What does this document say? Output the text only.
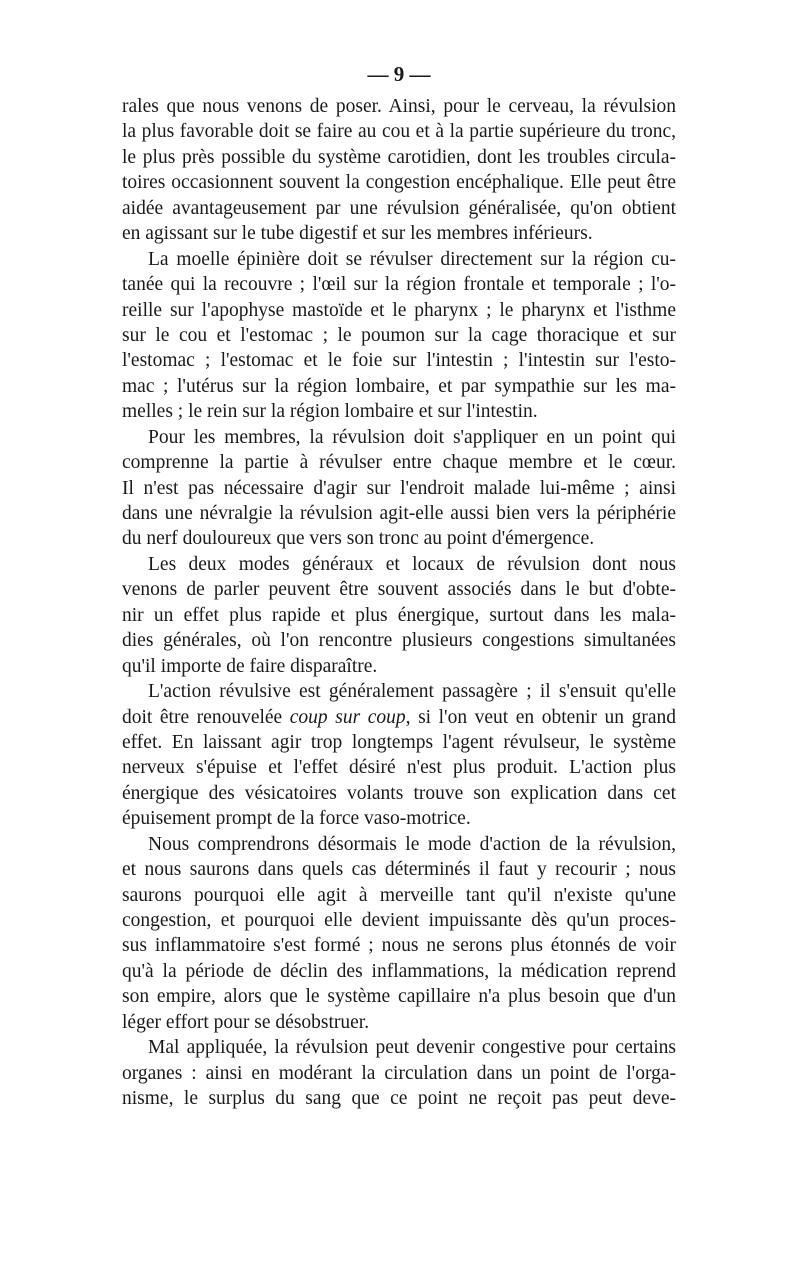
— 9 —
rales que nous venons de poser. Ainsi, pour le cerveau, la révulsion
la plus favorable doit se faire au cou et à la partie supérieure du tronc,
le plus près possible du système carotidien, dont les troubles circula-
toires occasionnent souvent la congestion encéphalique. Elle peut être
aidée avantageusement par une révulsion généralisée, qu'on obtient
en agissant sur le tube digestif et sur les membres inférieurs.
La moelle épinière doit se révulser directement sur la région cu-
tanée qui la recouvre ; l'œil sur la région frontale et temporale ; l'o-
reille sur l'apophyse mastoïde et le pharynx ; le pharynx et l'isthme
sur le cou et l'estomac ; le poumon sur la cage thoracique et sur
l'estomac ; l'estomac et le foie sur l'intestin ; l'intestin sur l'esto-
mac ; l'utérus sur la région lombaire, et par sympathie sur les ma-
melles ; le rein sur la région lombaire et sur l'intestin.
Pour les membres, la révulsion doit s'appliquer en un point qui
comprenne la partie à révulser entre chaque membre et le cœur.
Il n'est pas nécessaire d'agir sur l'endroit malade lui-même ; ainsi
dans une névralgie la révulsion agit-elle aussi bien vers la périphérie
du nerf douloureux que vers son tronc au point d'émergence.
Les deux modes généraux et locaux de révulsion dont nous
venons de parler peuvent être souvent associés dans le but d'obte-
nir un effet plus rapide et plus énergique, surtout dans les mala-
dies générales, où l'on rencontre plusieurs congestions simultanées
qu'il importe de faire disparaître.
L'action révulsive est généralement passagère ; il s'ensuit qu'elle
doit être renouvelée coup sur coup, si l'on veut en obtenir un grand
effet. En laissant agir trop longtemps l'agent révulseur, le système
nerveux s'épuise et l'effet désiré n'est plus produit. L'action plus
énergique des vésicatoires volants trouve son explication dans cet
épuisement prompt de la force vaso-motrice.
Nous comprendrons désormais le mode d'action de la révulsion,
et nous saurons dans quels cas déterminés il faut y recourir ; nous
saurons pourquoi elle agit à merveille tant qu'il n'existe qu'une
congestion, et pourquoi elle devient impuissante dès qu'un proces-
sus inflammatoire s'est formé ; nous ne serons plus étonnés de voir
qu'à la période de déclin des inflammations, la médication reprend
son empire, alors que le système capillaire n'a plus besoin que d'un
léger effort pour se désobstruer.
Mal appliquée, la révulsion peut devenir congestive pour certains
organes : ainsi en modérant la circulation dans un point de l'orga-
nisme, le surplus du sang que ce point ne reçoit pas peut deve-
